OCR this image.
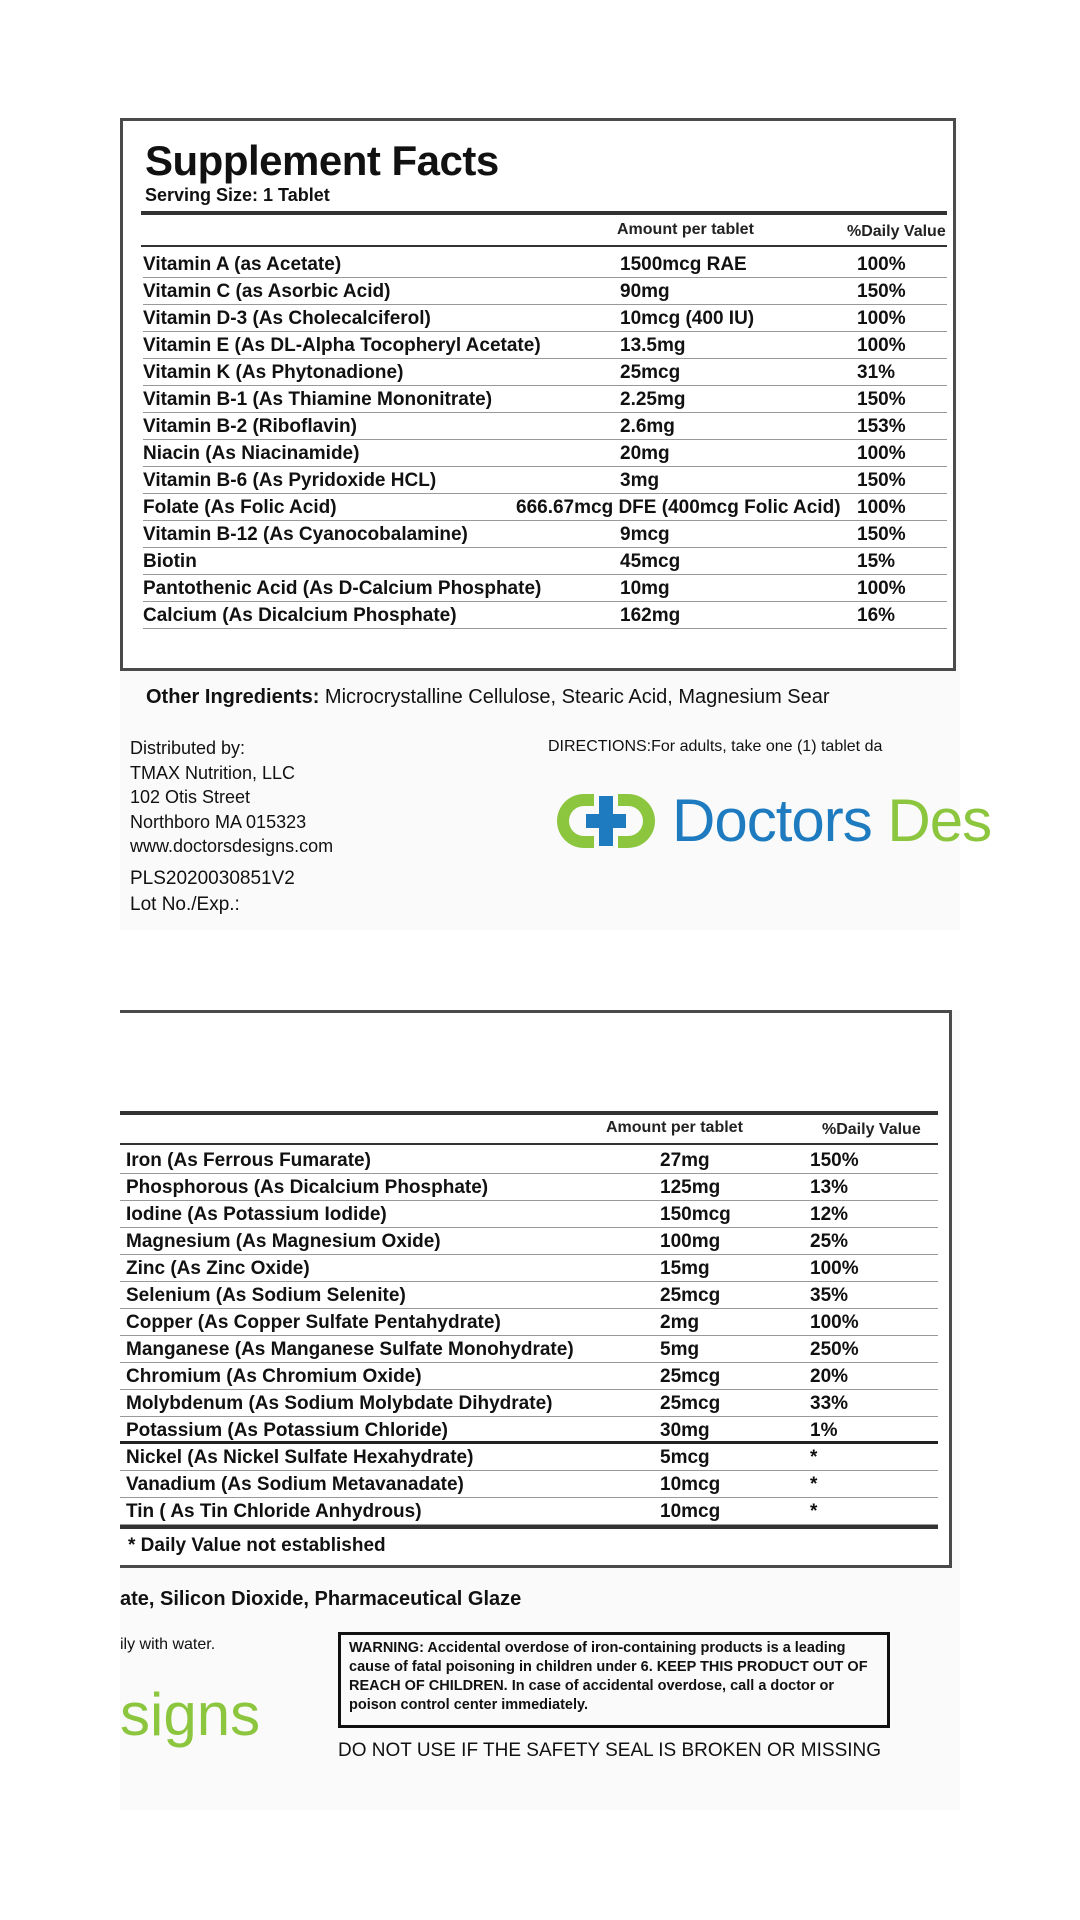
Supplement Facts
Serving Size: 1 Tablet
Amount per tablet	%Daily Value
Vitamin A (as Acetate)	1500mcg RAE	100%
Vitamin C (as Asorbic Acid)	90mg	150%
Vitamin D-3 (As Cholecalciferol)	10mcg (400 IU)	100%
Vitamin E (As DL-Alpha Tocopheryl Acetate)	13.5mg	100%
Vitamin K (As Phytonadione)	25mcg	31%
Vitamin B-1 (As Thiamine Mononitrate)	2.25mg	150%
Vitamin B-2 (Riboflavin)	2.6mg	153%
Niacin (As Niacinamide)	20mg	100%
Vitamin B-6 (As Pyridoxide HCL)	3mg	150%
Folate (As Folic Acid)	666.67mcg DFE (400mcg Folic Acid) 100%
Vitamin B-12 (As Cyanocobalamine)	9mcg	150%
Biotin	45mcg	15%
Pantothenic Acid (As D-Calcium Phosphate)	10mg	100%
Calcium (As Dicalcium Phosphate)	162mg	16%
Other Ingredients: Microcrystalline Cellulose, Stearic Acid, Magnesium Sear
Distributed by:
TMAX Nutrition, LLC
102 Otis Street
Northboro MA 015323
www.doctorsdesigns.com
PLS2020030851V2
Lot No./Exp.:
DIRECTIONS:For adults, take one (1) tablet da
Doctors Des
Amount per tablet	%Daily Value
Iron (As Ferrous Fumarate)	27mg	150%
Phosphorous (As Dicalcium Phosphate)	125mg	13%
Iodine (As Potassium Iodide)	150mcg	12%
Magnesium (As Magnesium Oxide)	100mg	25%
Zinc (As Zinc Oxide)	15mg	100%
Selenium (As Sodium Selenite)	25mcg	35%
Copper (As Copper Sulfate Pentahydrate)	2mg	100%
Manganese (As Manganese Sulfate Monohydrate)	5mg	250%
Chromium (As Chromium Oxide)	25mcg	20%
Molybdenum (As Sodium Molybdate Dihydrate)	25mcg	33%
Potassium (As Potassium Chloride)	30mg	1%
Nickel (As Nickel Sulfate Hexahydrate)	5mcg	*
Vanadium (As Sodium Metavanadate)	10mcg	*
Tin ( As Tin Chloride Anhydrous)	10mcg	*
* Daily Value not established
ate, Silicon Dioxide, Pharmaceutical Glaze
ily with water.
signs
WARNING: Accidental overdose of iron-containing products is a leading cause of fatal poisoning in children under 6. KEEP THIS PRODUCT OUT OF REACH OF CHILDREN. In case of accidental overdose, call a doctor or poison control center immediately.
DO NOT USE IF THE SAFETY SEAL IS BROKEN OR MISSING
